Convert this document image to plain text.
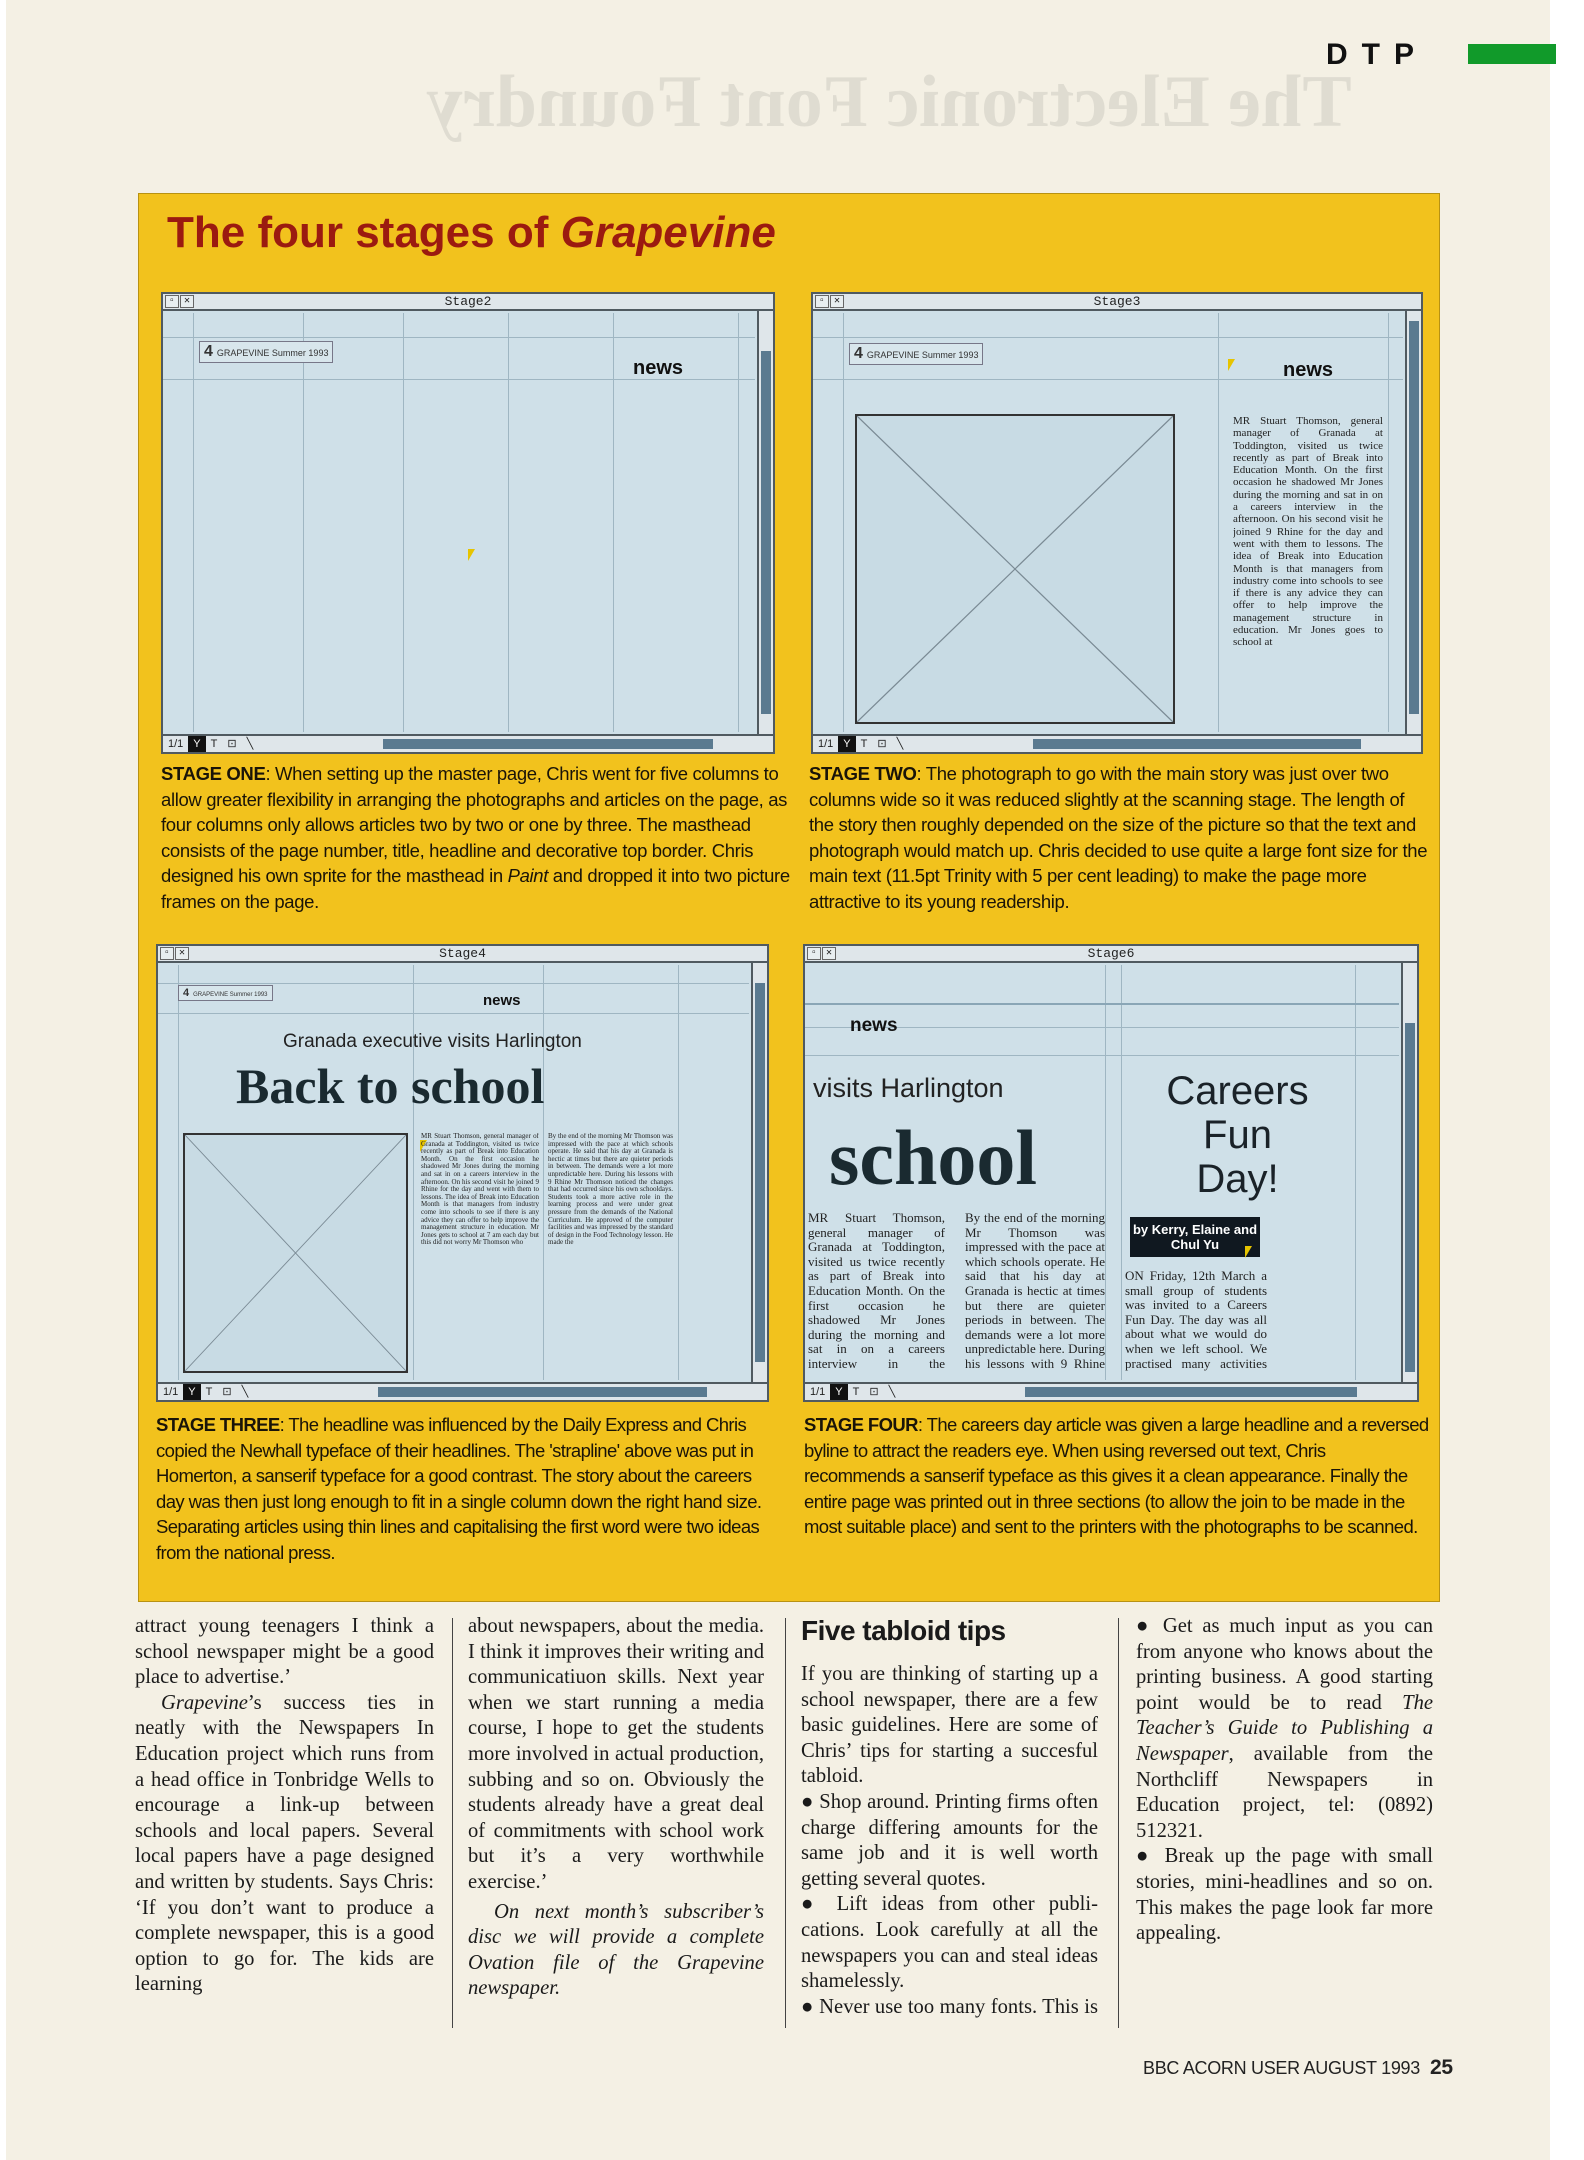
The Electronic Font Foundry
DTP
The four stages of Grapevine
▫ ✕	Stage2
4 GRAPEVINE Summer 1993
news
1/1 Y T ⊡ ╲
▫ ✕	Stage3
4 GRAPEVINE Summer 1993
news
MR Stuart Thomson, general manager of Granada at Toddington, visited us twice recently as part of Break into Education Month. On the first occasion he shadowed Mr Jones during the morning and sat in on a careers interview in the afternoon. On his second visit he joined 9 Rhine for the day and went with them to lessons. The idea of Break into Education Month is that managers from industry come into schools to see if there is any advice they can offer to help improve the management structure in education. Mr Jones goes to school at
1/1 Y T ⊡ ╲
STAGE ONE: When setting up the master page, Chris went for five columns to allow greater flexibility in arranging the photographs and articles on the page, as four columns only allows articles two by two or one by three. The masthead consists of the page number, title, headline and decorative top border. Chris designed his own sprite for the masthead in Paint and dropped it into two picture frames on the page.
STAGE TWO: The photograph to go with the main story was just over two columns wide so it was reduced slightly at the scanning stage. The length of the story then roughly depended on the size of the picture so that the text and photograph would match up. Chris decided to use quite a large font size for the main text (11.5pt Trinity with 5 per cent leading) to make the page more attractive to its young readership.
▫ ✕	Stage4
4 GRAPEVINE Summer 1993	news
Granada executive visits Harlington
Back to school
MR Stuart Thomson, general manager of Granada at Toddington, visited us twice recently as part of Break into Education Month. On the first occasion he shadowed Mr Jones during the morning and sat in on a careers interview in the afternoon. On his second visit he joined 9 Rhine for the day and went with them to lessons. The idea of Break into Education Month is that managers from industry come into schools to see if there is any advice they can offer to help improve the management structure in education. Mr Jones gets to school at 7 am each day but this did not worry Mr Thomson who
By the end of the morning Mr Thomson was impressed with the pace at which schools operate. He said that his day at Granada is hectic at times but there are quieter periods in between. The demands were a lot more unpredictable here. During his lessons with 9 Rhine Mr Thomson noticed the changes that had occurred since his own schooldays. Students took a more active role in the learning process and were under great pressure from the demands of the National Curriculum. He approved of the computer facilities and was impressed by the standard of design in the Food Technology lesson. He made the
1/1 Y T ⊡ ╲
▫ ✕	Stage6
news
visits Harlington
school
MR Stuart Thomson, general manager of Granada at Toddington, visited us twice recently as part of Break into Education Month. On the first occasion he shadowed Mr Jones during the morning and sat in on a careers interview in the
By the end of the morning Mr Thomson was impressed with the pace at which schools operate. He said that his day at Granada is hectic at times but there are quieter periods in between. The demands were a lot more unpredictable here. During his lessons with 9 Rhine
Careers
Fun
Day!
by Kerry, Elaine and Chul Yu
ON Friday, 12th March a small group of students was invited to a Careers Fun Day. The day was all about what we would do when we left school. We practised many activities
1/1 Y T ⊡ ╲
STAGE THREE: The headline was influenced by the Daily Express and Chris copied the Newhall typeface of their headlines. The 'strapline' above was put in Homerton, a sanserif typeface for a good contrast. The story about the careers day was then just long enough to fit in a single column down the right hand size. Separating articles using thin lines and capitalising the first word were two ideas from the national press.
STAGE FOUR: The careers day article was given a large headline and a reversed byline to attract the readers eye. When using reversed out text, Chris recommends a sanserif typeface as this gives it a clean appearance. Finally the entire page was printed out in three sections (to allow the join to be made in the most suitable place) and sent to the printers with the photographs to be scanned.

attract young teenagers I think a school newspaper might be a good place to advertise.’

Grapevine’s success ties in neatly with the Newspapers In Education project which runs from a head office in Tonbridge Wells to encourage a link-up between schools and local papers. Several local papers have a page designed and written by students. Says Chris: ‘If you don’t want to produce a complete newspaper, this is a good option to go for. The kids are learning

about newspapers, about the media. I think it improves their writing and communicatiuon skills. Next year when we start running a media course, I hope to get the students more involved in actual production, subbing and so on. Obviously the students already have a great deal of commitments with school work but it’s a very worthwhile exercise.’

On next month’s subscriber’s disc we will provide a complete Ovation file of the Grapevine newspaper.

Five tabloid tips

If you are thinking of starting up a school newspaper, there are a few basic guidelines. Here are some of Chris’ tips for starting a succesful tabloid.

● Shop around. Printing firms often charge differing amounts for the same job and it is well worth getting several quotes.

● Lift ideas from other publications. Look carefully at all the newspapers you can and steal ideas shamelessly.

● Never use too many fonts. This is

● Get as much input as you can from anyone who knows about the printing business. A good starting point would be to read The Teacher’s Guide to Publishing a Newspaper, available from the Northcliff Newspapers in Education project, tel: (0892) 512321.

● Break up the page with small stories, mini-headlines and so on. This makes the page look far more appealing.

BBC ACORN USER AUGUST 1993 25
